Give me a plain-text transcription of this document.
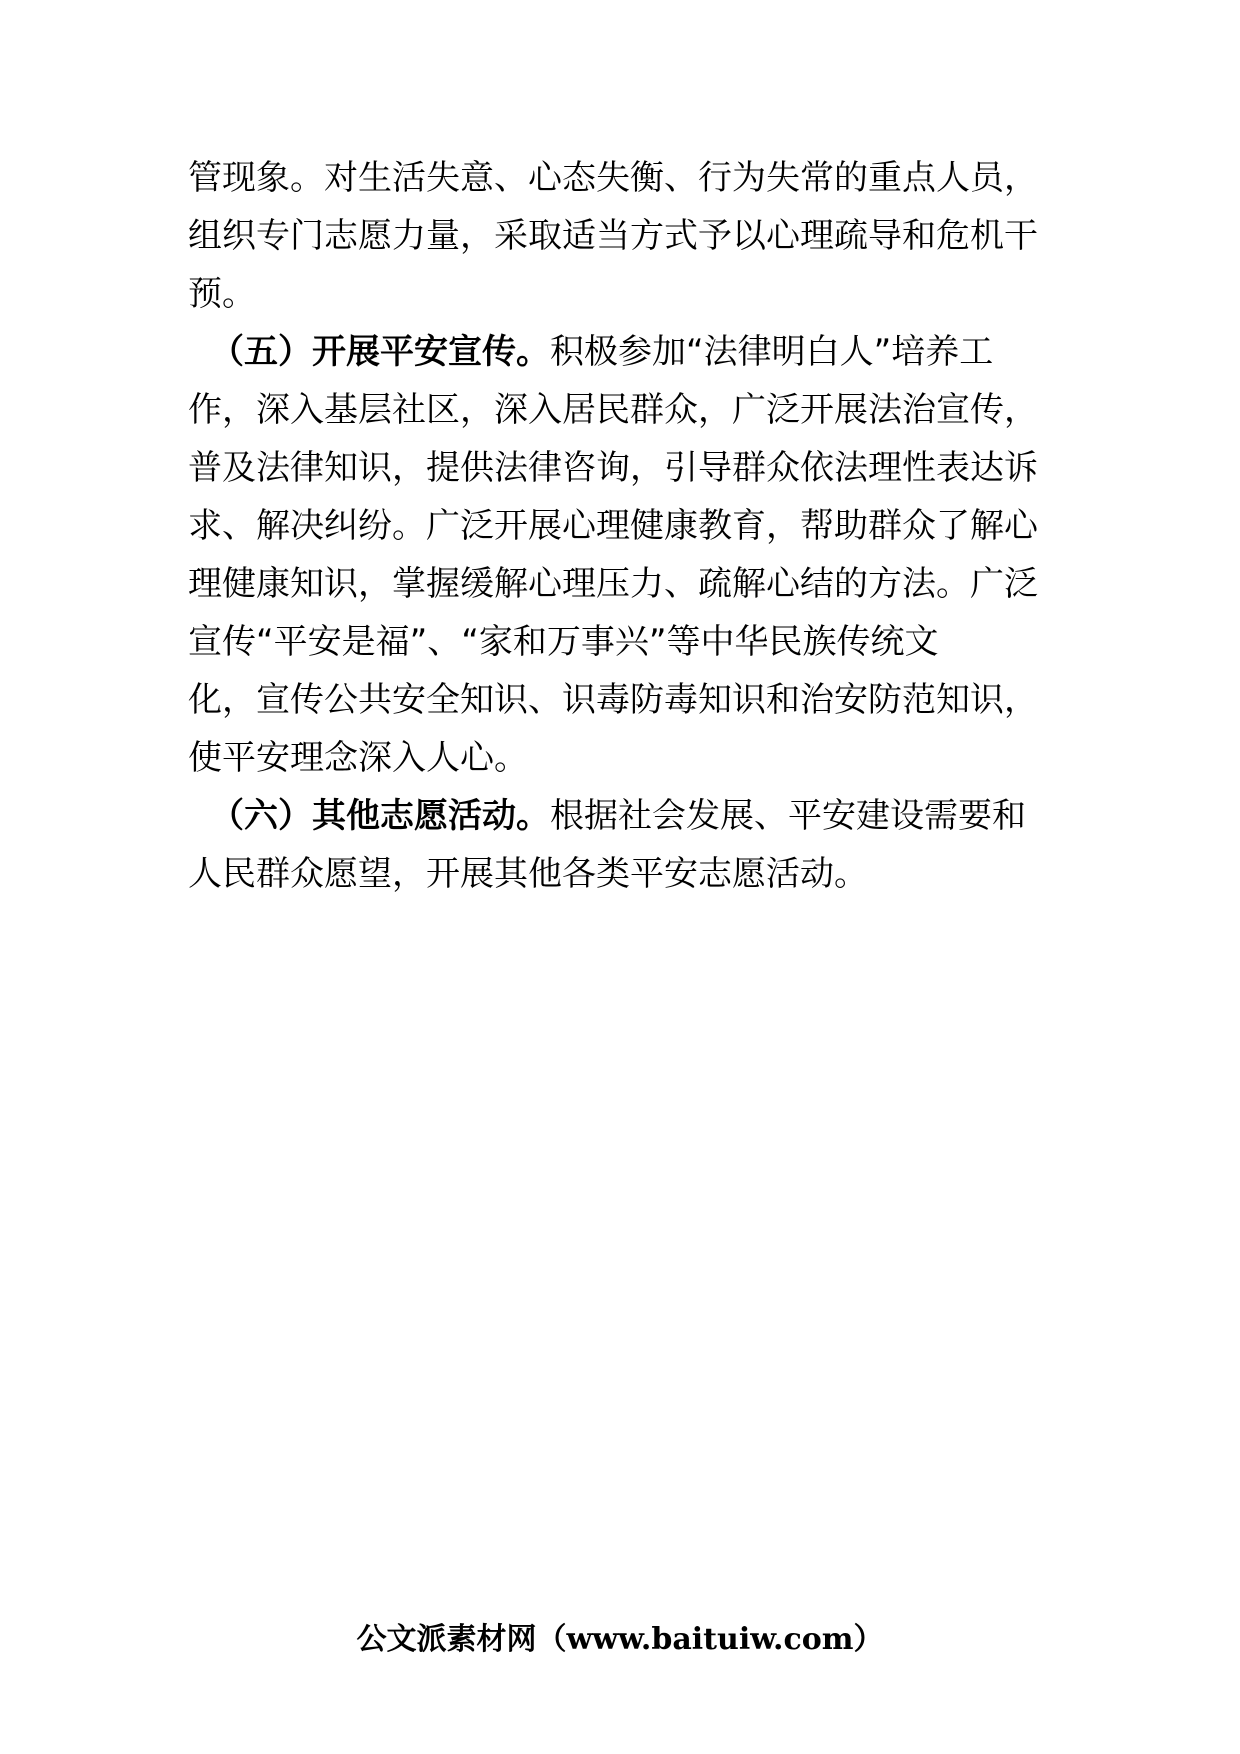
管现象。对生活失意、心态失衡、行为失常的重点人员，
组织专门志愿力量，采取适当方式予以心理疏导和危机干
预。
（五）开展平安宣传。积极参加“法律明白人”培养工
作，深入基层社区，深入居民群众，广泛开展法治宣传，
普及法律知识，提供法律咨询，引导群众依法理性表达诉
求、解决纠纷。广泛开展心理健康教育，帮助群众了解心
理健康知识，掌握缓解心理压力、疏解心结的方法。广泛
宣传“平安是福”、“家和万事兴”等中华民族传统文
化，宣传公共安全知识、识毒防毒知识和治安防范知识，
使平安理念深入人心。
（六）其他志愿活动。根据社会发展、平安建设需要和
人民群众愿望，开展其他各类平安志愿活动。
公文派素材网（www.baituiw.com）
